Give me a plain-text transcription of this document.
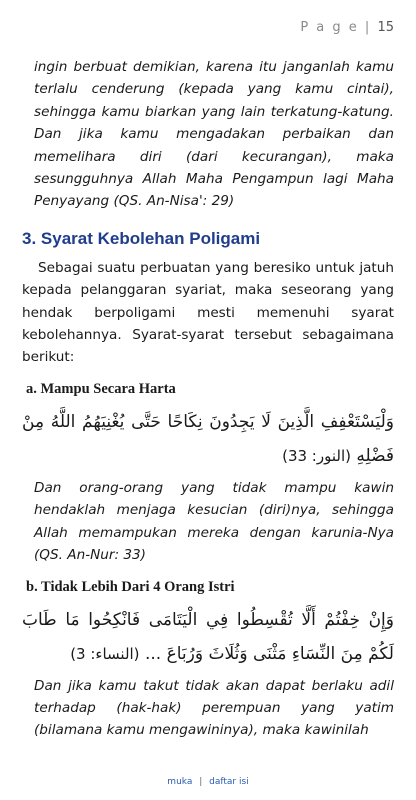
P a g e | 15

ingin berbuat demikian, karena itu janganlah kamu terlalu cenderung (kepada yang kamu cintai), sehingga kamu biarkan yang lain terkatung-katung. Dan jika kamu mengadakan perbaikan dan memelihara diri (dari kecurangan), maka sesungguhnya Allah Maha Pengampun lagi Maha Penyayang (QS. An-Nisa': 29)

3. Syarat Kebolehan Poligami

Sebagai suatu perbuatan yang beresiko untuk jatuh kepada pelanggaran syariat, maka seseorang yang hendak berpoligami mesti memenuhi syarat kebolehannya. Syarat-syarat tersebut sebagaimana berikut:

a. Mampu Secara Harta

وَلْيَسْتَعْفِفِ الَّذِينَ لَا يَجِدُونَ نِكَاحًا حَتَّى يُغْنِيَهُمُ اللَّهُ مِنْ فَضْلِهِ (النور: 33)

Dan orang-orang yang tidak mampu kawin hendaklah menjaga kesucian (diri)nya, sehingga Allah memampukan mereka dengan karunia-Nya (QS. An-Nur: 33)

b. Tidak Lebih Dari 4 Orang Istri

وَإِنْ خِفْتُمْ أَلَّا تُقْسِطُوا فِي الْيَتَامَى فَانْكِحُوا مَا طَابَ لَكُمْ مِنَ النِّسَاءِ مَثْنَى وَثُلَاثَ وَرُبَاعَ ... (النساء: 3)

Dan jika kamu takut tidak akan dapat berlaku adil terhadap (hak-hak) perempuan yang yatim (bilamana kamu mengawininya), maka kawinilah

muka | daftar isi
